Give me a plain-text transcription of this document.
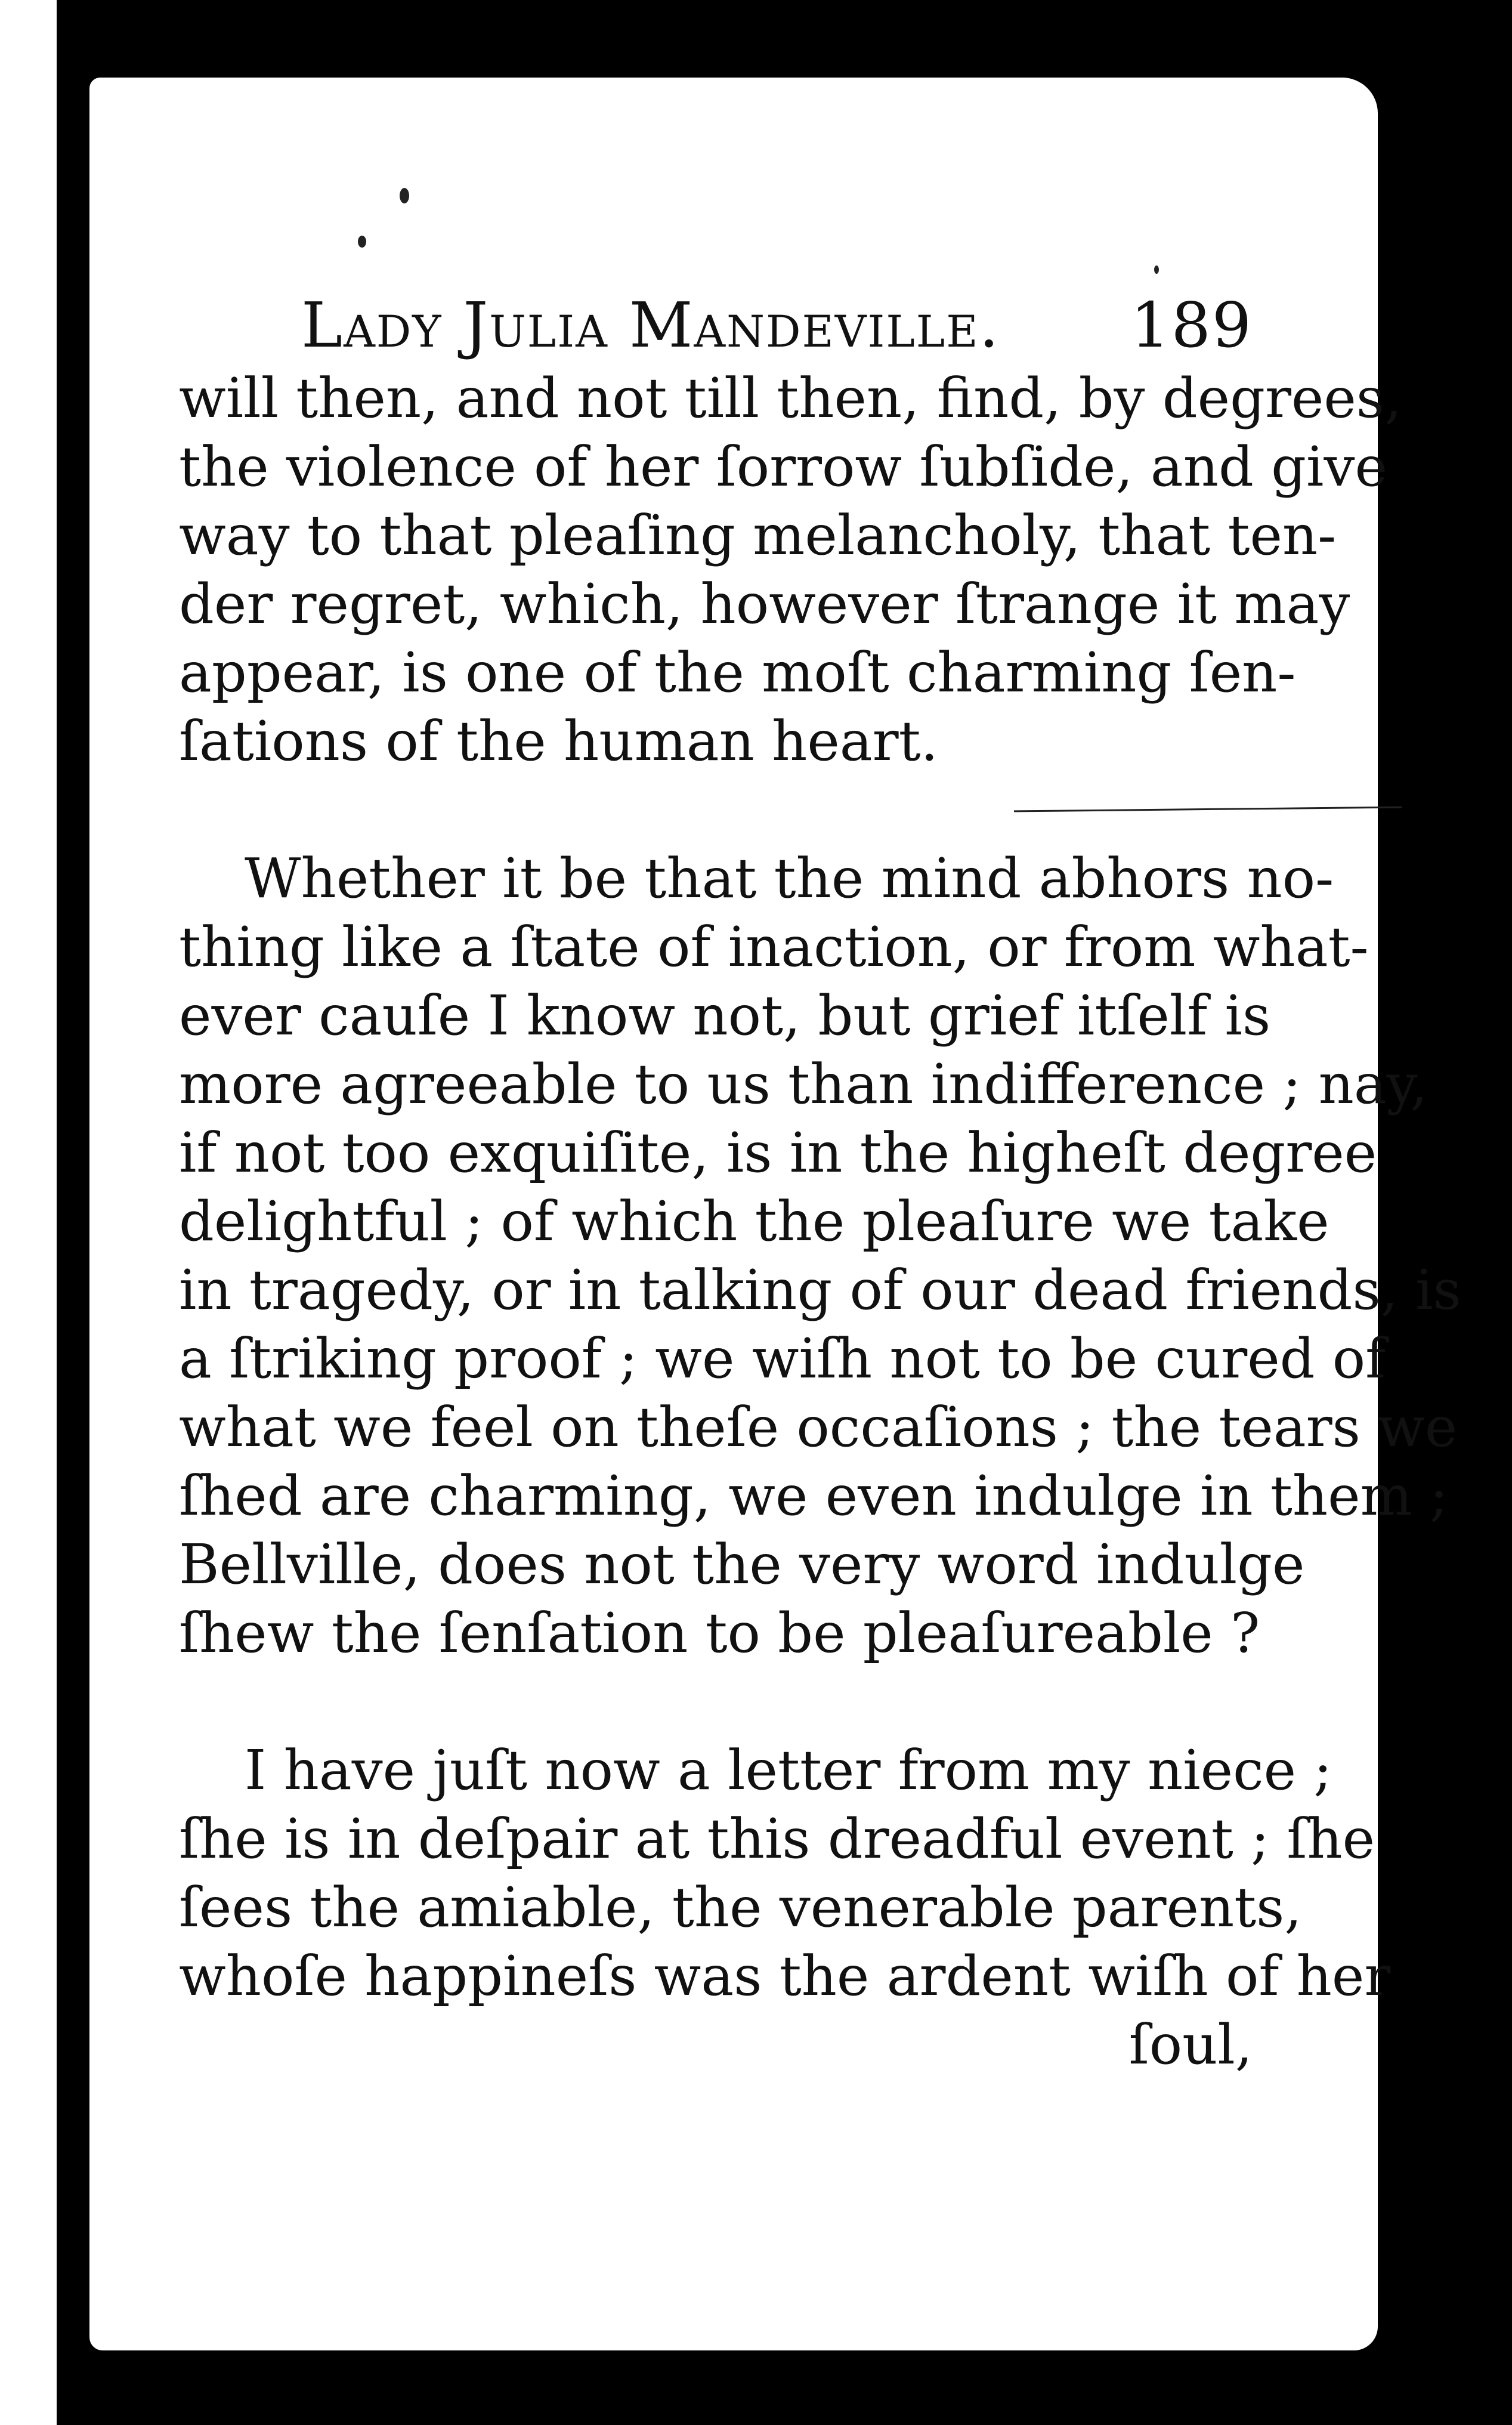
Lady Julia Mandeville. 189

will then, and not till then, find, by degrees,
the violence of her ſorrow ſubſide, and give
way to that pleaſing melancholy, that ten-
der regret, which, however ſtrange it may
appear, is one of the moſt charming ſen-
ſations of the human heart.

Whether it be that the mind abhors no-
thing like a ſtate of inaction, or from what-
ever cauſe I know not, but grief itſelf is
more agreeable to us than indifference ; nay,
if not too exquiſite, is in the higheſt degree
delightful ; of which the pleaſure we take
in tragedy, or in talking of our dead friends, is
a ſtriking proof ; we wiſh not to be cured of
what we feel on theſe occaſions ; the tears we
ſhed are charming, we even indulge in them ;
Bellville, does not the very word indulge
ſhew the ſenſation to be pleaſureable ?

I have juſt now a letter from my niece ;
ſhe is in deſpair at this dreadful event ; ſhe
ſees the amiable, the venerable parents,
whoſe happineſs was the ardent wiſh of her
ſoul,
